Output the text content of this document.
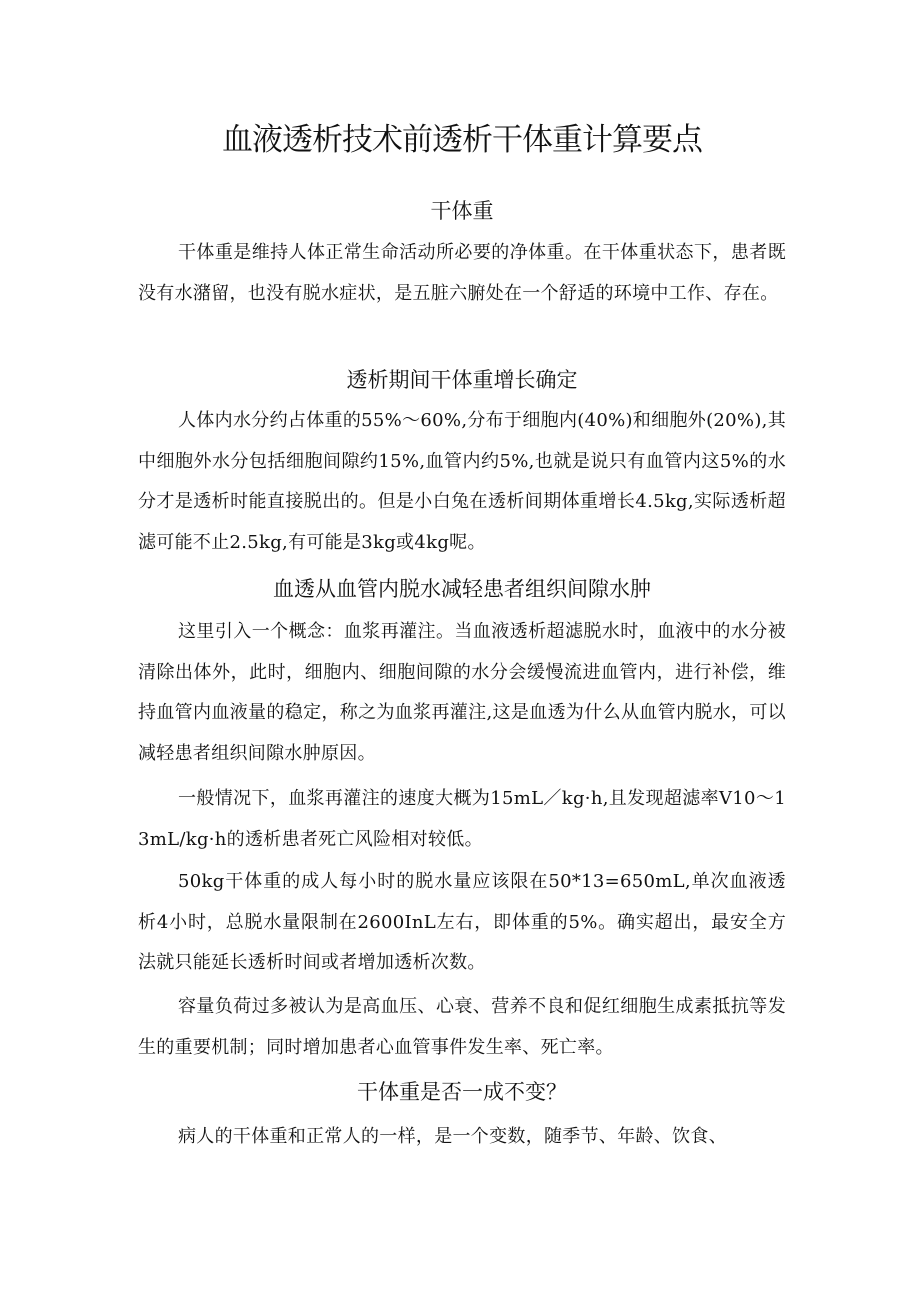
血液透析技术前透析干体重计算要点
干体重

干体重是维持人体正常生命活动所必要的净体重。在干体重状态下，患者既没有水潴留，也没有脱水症状，是五脏六腑处在一个舒适的环境中工作、存在。

透析期间干体重增长确定

人体内水分约占体重的55%～60%,分布于细胞内(40%)和细胞外(20%),其中细胞外水分包括细胞间隙约15%,血管内约5%,也就是说只有血管内这5%的水分才是透析时能直接脱出的。但是小白兔在透析间期体重增长4.5kg,实际透析超滤可能不止2.5kg,有可能是3kg或4kg呢。

血透从血管内脱水减轻患者组织间隙水肿

这里引入一个概念：血浆再灌注。当血液透析超滤脱水时，血液中的水分被清除出体外，此时，细胞内、细胞间隙的水分会缓慢流进血管内，进行补偿，维持血管内血液量的稳定，称之为血浆再灌注,这是血透为什么从血管内脱水，可以减轻患者组织间隙水肿原因。

一般情况下，血浆再灌注的速度大概为15mL／kg·h,且发现超滤率V10～13mL/kg·h的透析患者死亡风险相对较低。

50kg干体重的成人每小时的脱水量应该限在50*13=650mL,单次血液透析4小时，总脱水量限制在2600InL左右，即体重的5%。确实超出，最安全方法就只能延长透析时间或者增加透析次数。

容量负荷过多被认为是高血压、心衰、营养不良和促红细胞生成素抵抗等发生的重要机制；同时增加患者心血管事件发生率、死亡率。

干体重是否一成不变？

病人的干体重和正常人的一样，是一个变数，随季节、年龄、饮食、
